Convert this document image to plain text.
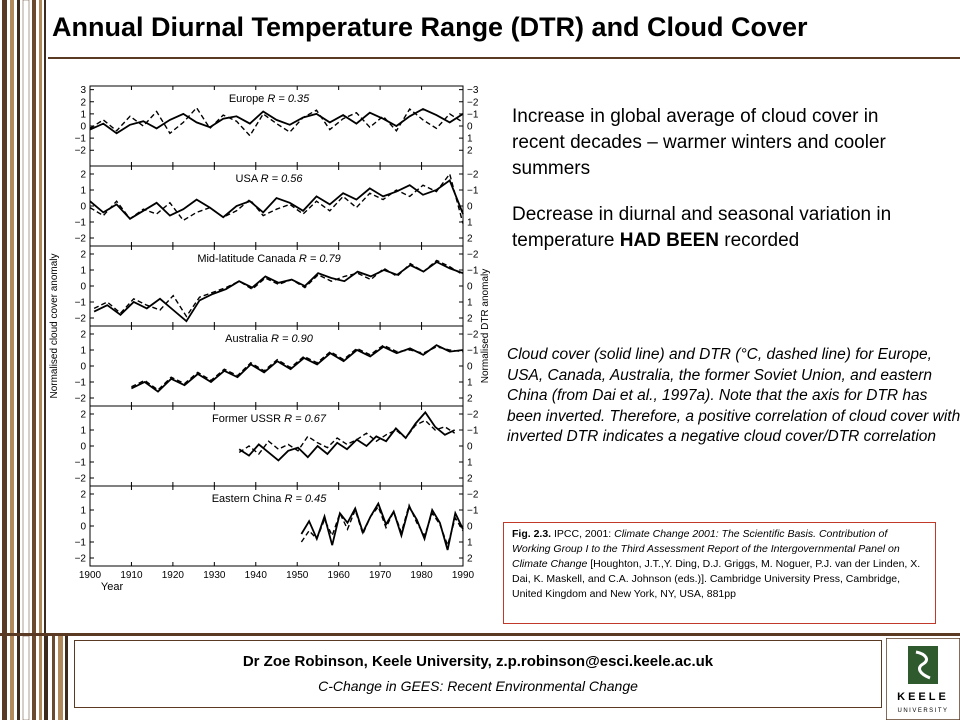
Annual Diurnal Temperature Range (DTR) and Cloud Cover
3
2
1
0
−1
−2
−3
−2
−1
0
1
2
Europe R = 0.35
2
1
0
−1
−2
−2
−1
0
1
2
USA R = 0.56
2
1
0
−1
−2
−2
−1
0
1
2
Mid-latitude Canada R = 0.79
2
1
0
−1
−2
−2
−1
0
1
2
Australia R = 0.90
2
1
0
−1
−2
−2
−1
0
1
2
Former USSR R = 0.67
2
1
0
−1
−2
−2
−1
0
1
2
Eastern China R = 0.45
1900 1910 1920 1930 1940 1950 1960 1970 1980 1990
Year
Normalised cloud cover anomaly	Normalised DTR anomaly

Increase in global average of cloud cover in recent decades – warmer winters and cooler summers

Decrease in diurnal and seasonal variation in temperature HAD BEEN recorded

Cloud cover (solid line) and DTR (°C, dashed line) for Europe, USA, Canada, Australia, the former Soviet Union, and eastern China (from Dai et al., 1997a). Note that the axis for DTR has been inverted. Therefore, a positive correlation of cloud cover with inverted DTR indicates a negative cloud cover/DTR correlation
Fig. 2.3. IPCC, 2001: Climate Change 2001: The Scientific Basis. Contribution of Working Group I to the Third Assessment Report of the Intergovernmental Panel on Climate Change [Houghton, J.T.,Y. Ding, D.J. Griggs, M. Noguer, P.J. van der Linden, X. Dai, K. Maskell, and C.A. Johnson (eds.)]. Cambridge University Press, Cambridge, United Kingdom and New York, NY, USA, 881pp
Dr Zoe Robinson, Keele University, z.p.robinson@esci.keele.ac.uk
C-Change in GEES: Recent Environmental Change
KEELE
UNIVERSITY
